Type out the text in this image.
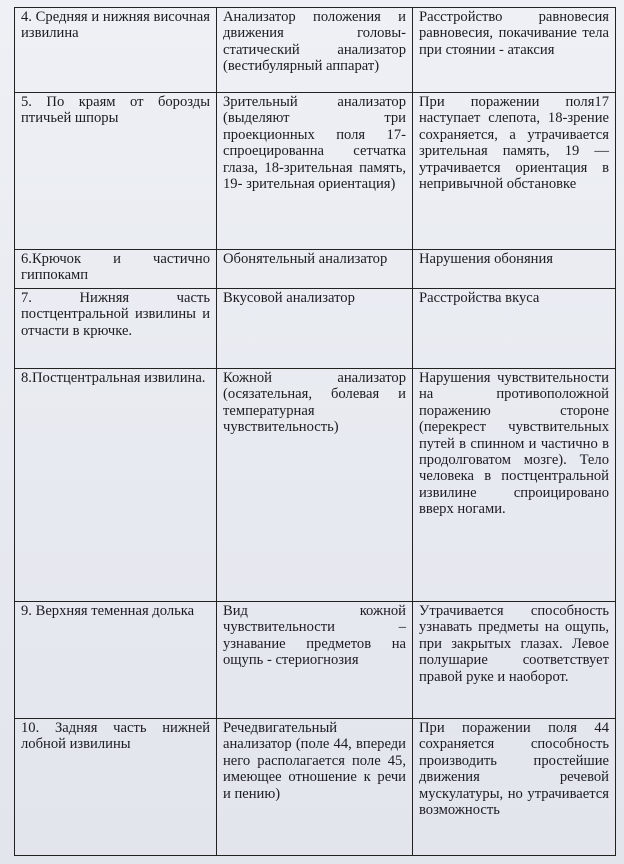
4. Средняя и нижняя височная извилина	Анализатор положения и движения головы-статический анализатор (вестибулярный аппарат)	Расстройство равновесия равновесия, покачивание тела при стоянии - атаксия
5. По краям от борозды птичьей шпоры	Зрительный анализатор (выделяют три проекционных поля 17-спроецированна сетчатка глаза, 18-зрительная память, 19- зрительная ориентация)	При поражении поля17 наступает слепота, 18-зрение сохраняется, а утрачивается зрительная память, 19 — утрачивается ориентация в непривычной обстановке
6.Крючок и частично гиппокамп	Обонятельный анализатор	Нарушения обоняния
7. Нижняя часть постцентральной извилины и отчасти в крючке.	Вкусовой анализатор	Расстройства вкуса
8.Постцентральная извилина.	Кожной анализатор (осязательная, болевая и температурная чувствительность)	Нарушения чувствительности на противоположной поражению стороне (перекрест чувствительных путей в спинном и частично в продолговатом мозге). Тело человека в постцентральной извилине спроицировано вверх ногами.
9. Верхняя теменная долька	Вид кожной чувствительности – узнавание предметов на ощупь - стериогнозия	Утрачивается способность узнавать предметы на ощупь, при закрытых глазах. Левое полушарие соответствует правой руке и наоборот.
10. Задняя часть нижней лобной извилины	Речедвигательный анализатор (поле 44, впереди него располагается поле 45, имеющее отношение к речи и пению)	При поражении поля 44 сохраняется способность производить простейшие движения речевой мускулатуры, но утрачивается возможность
